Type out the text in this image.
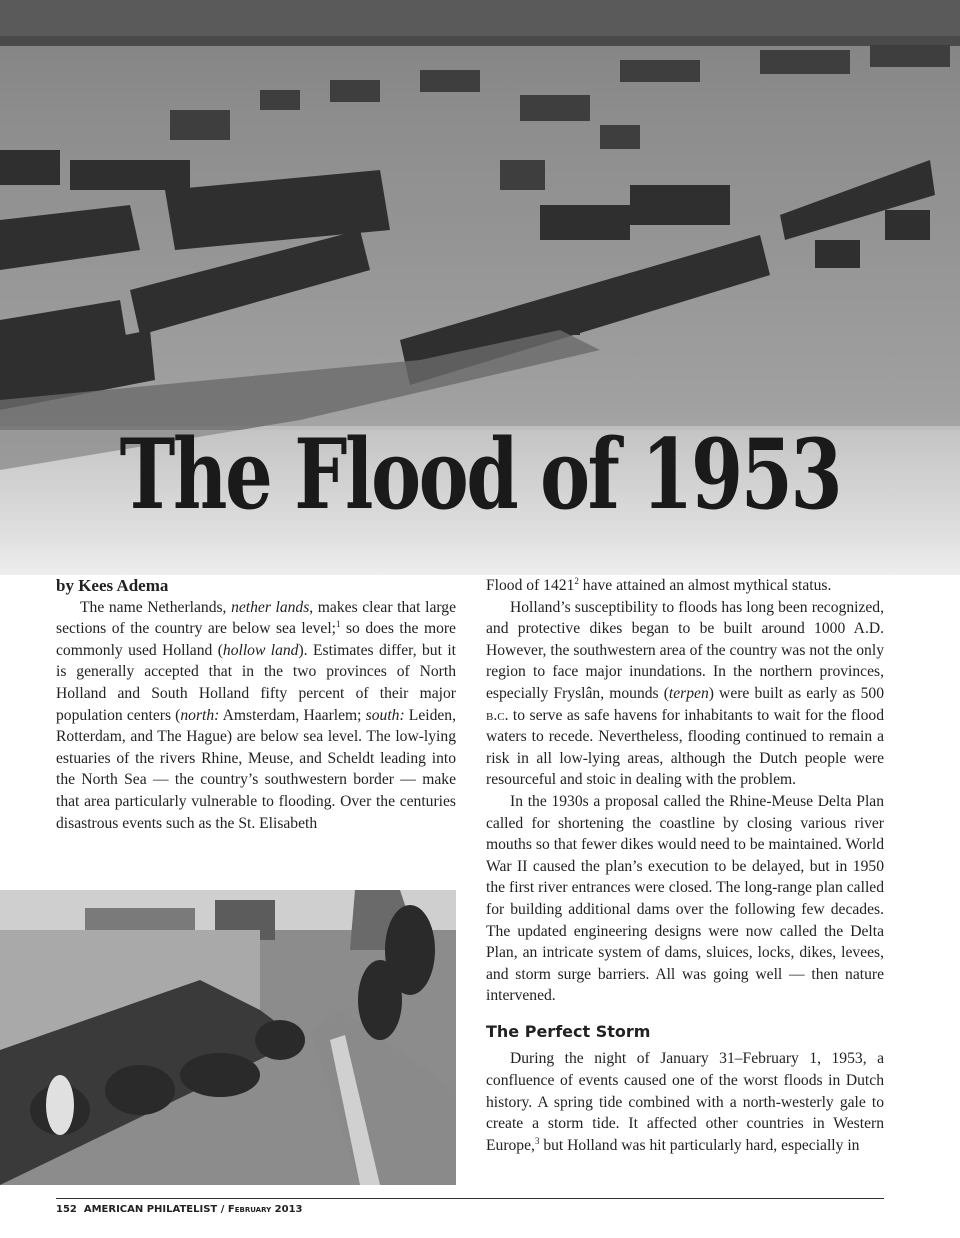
The Flood of 1953

by Kees Adema

The name Netherlands, nether lands, makes clear that large sections of the country are below sea level;$^1$ so does the more commonly used Holland (hollow land). Estimates differ, but it is generally accepted that in the two provinces of North Holland and South Holland fifty percent of their major population centers (north: Amsterdam, Haarlem; south: Leiden, Rotterdam, and The Hague) are below sea level. The low-lying estuaries of the rivers Rhine, Meuse, and Scheldt leading into the North Sea — the country’s southwestern border — make that area particularly vulnerable to flooding. Over the centuries disastrous events such as the St. Elisabeth

Flood of 1421$^2$ have attained an almost mythical status.

Holland’s susceptibility to floods has long been recognized, and protective dikes began to be built around 1000 A.D. However, the southwestern area of the country was not the only region to face major inundations. In the northern provinces, especially Fryslân, mounds (terpen) were built as early as 500 b.c. to serve as safe havens for inhabitants to wait for the flood waters to recede. Nevertheless, flooding continued to remain a risk in all low-lying areas, although the Dutch people were resourceful and stoic in dealing with the problem.

In the 1930s a proposal called the Rhine-Meuse Delta Plan called for shortening the coastline by closing various river mouths so that fewer dikes would need to be maintained. World War II caused the plan’s execution to be delayed, but in 1950 the first river entrances were closed. The long-range plan called for building additional dams over the following few decades. The updated engineering designs were now called the Delta Plan, an intricate system of dams, sluices, locks, dikes, levees, and storm surge barriers. All was going well — then nature intervened.

The Perfect Storm

During the night of January 31–February 1, 1953, a confluence of events caused one of the worst floods in Dutch history. A spring tide combined with a north-westerly gale to create a storm tide. It affected other countries in Western Europe,$^3$ but Holland was hit particularly hard, especially in

152 AMERICAN PHILATELIST / February 2013
